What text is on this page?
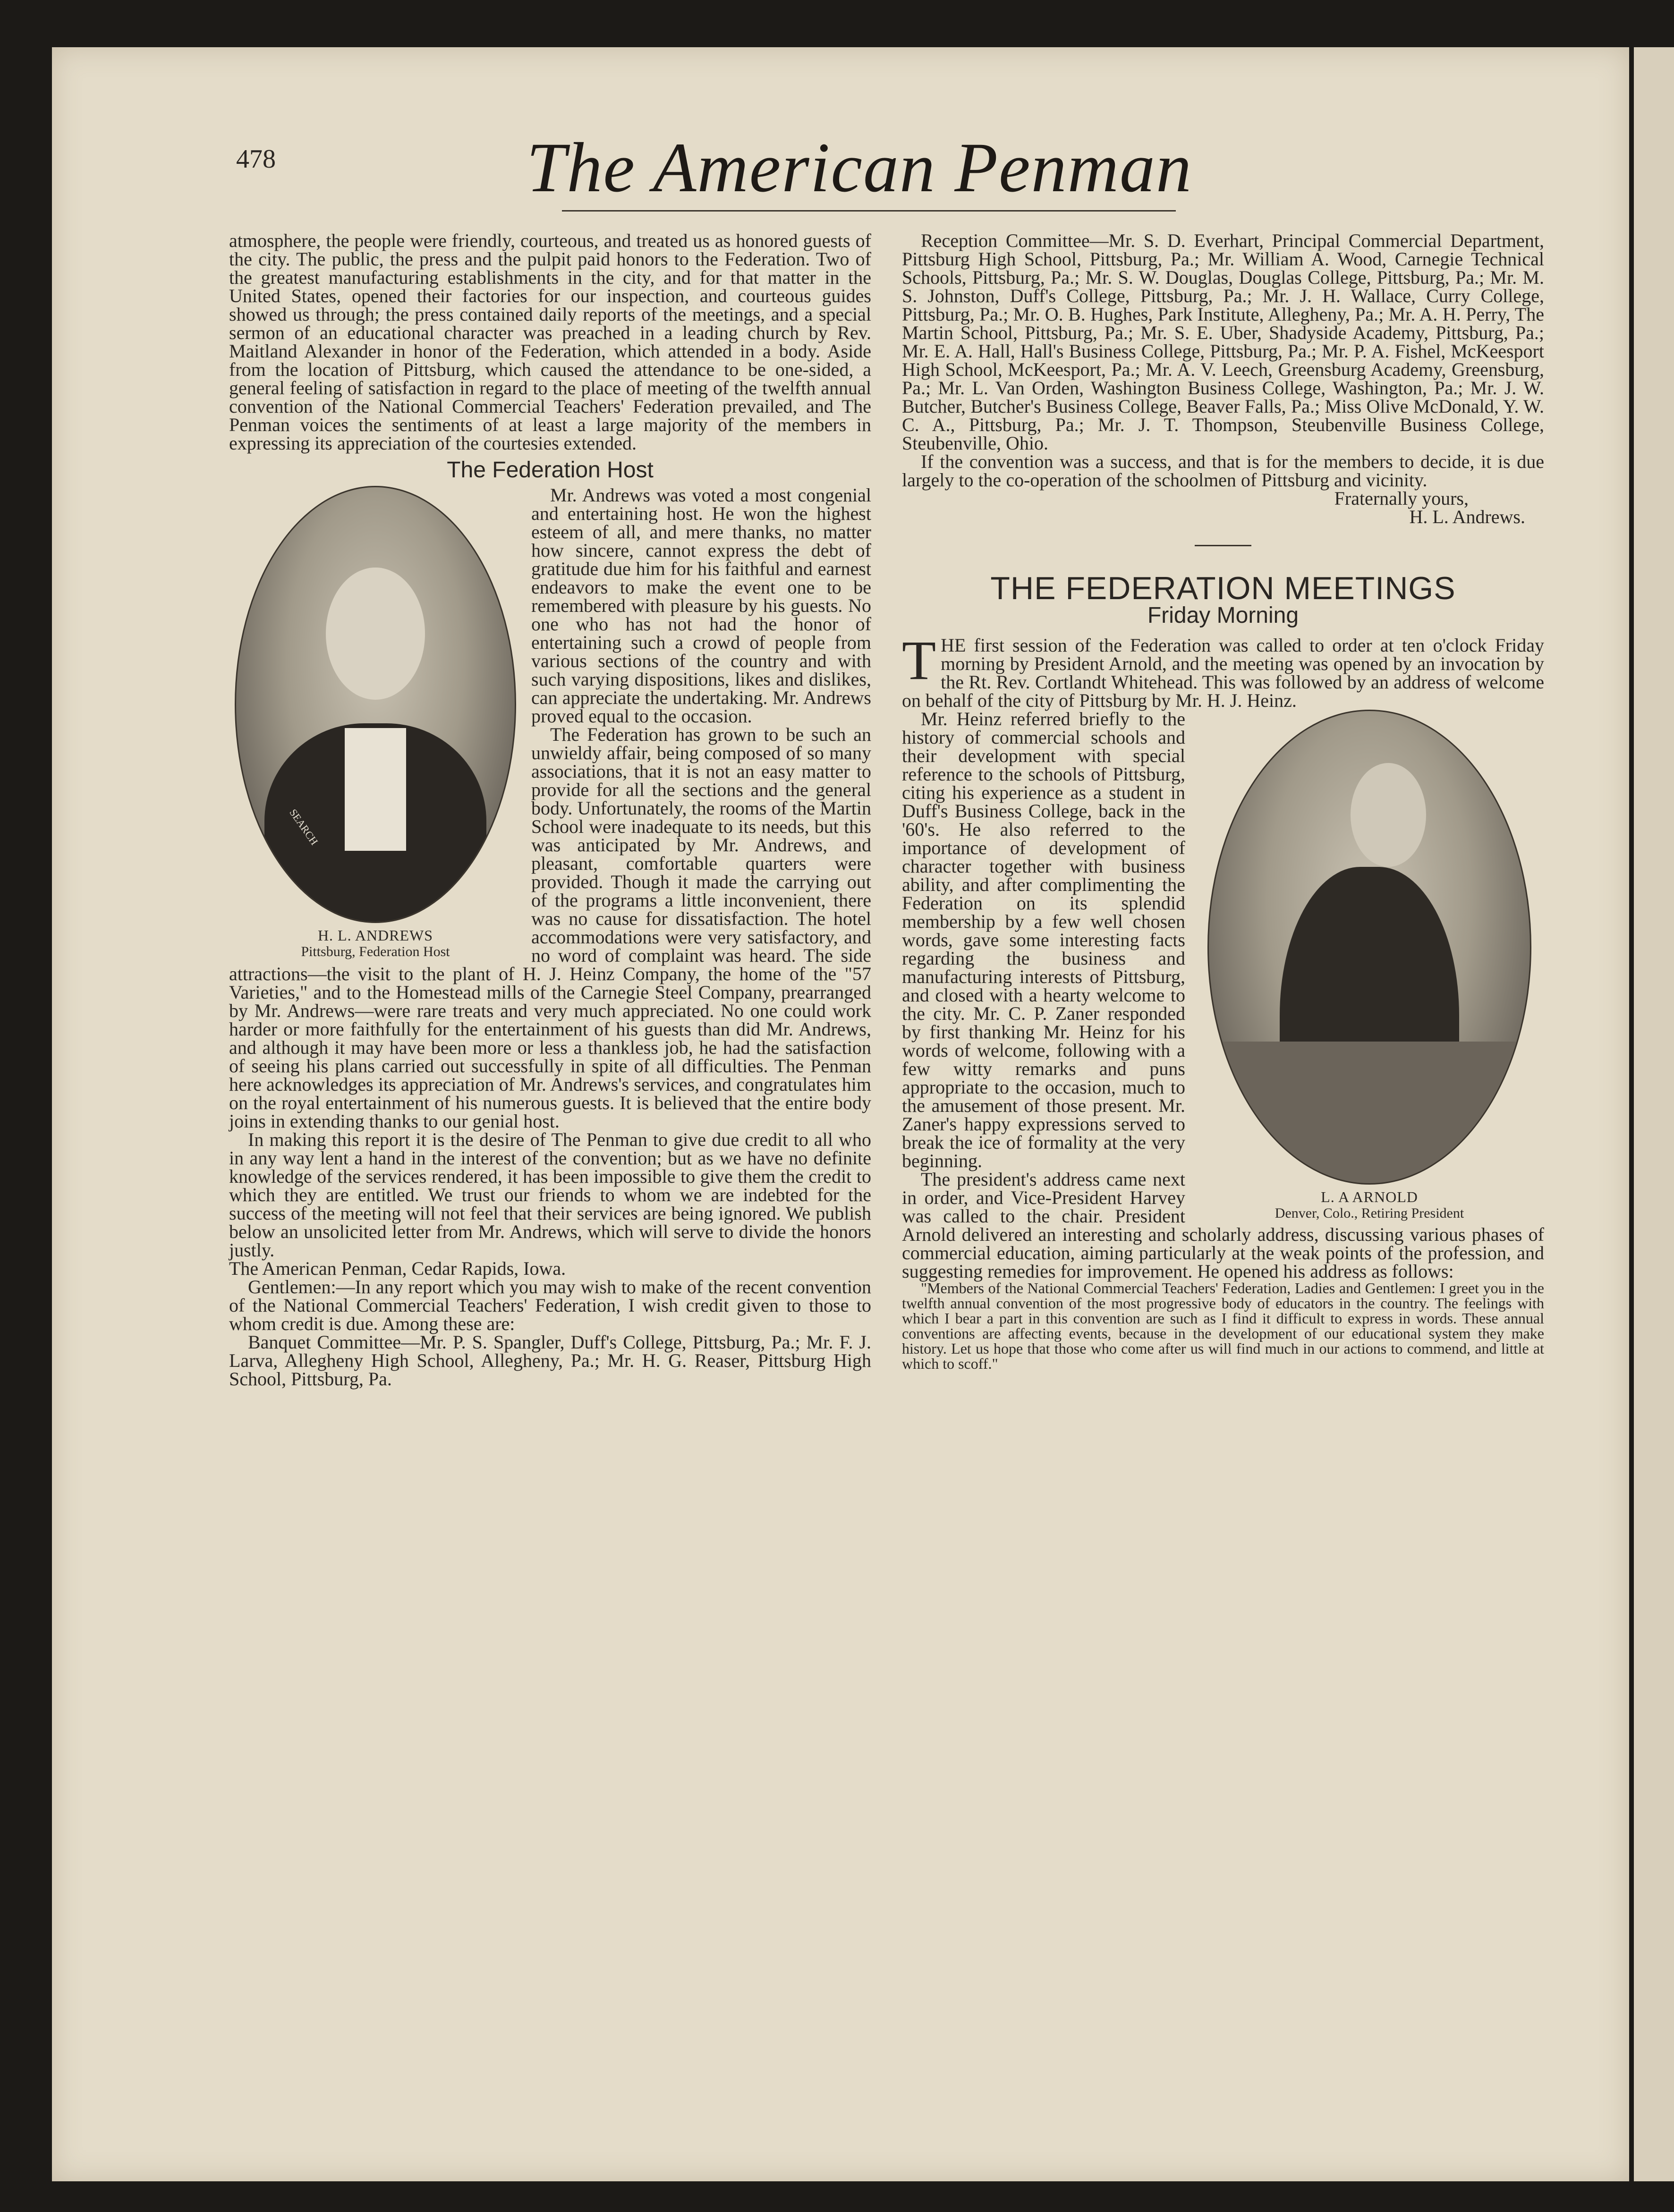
478	The American Penman

atmosphere, the people were friendly, courteous, and treated us as honored guests of the city. The public, the press and the pulpit paid honors to the Federation. Two of the greatest manufacturing establishments in the city, and for that matter in the United States, opened their factories for our inspection, and courteous guides showed us through; the press contained daily reports of the meetings, and a special sermon of an educational character was preached in a leading church by Rev. Maitland Alexander in honor of the Federation, which attended in a body. Aside from the location of Pittsburg, which caused the attendance to be one-sided, a general feeling of satisfaction in regard to the place of meeting of the twelfth annual convention of the National Commercial Teachers' Federation prevailed, and The Penman voices the sentiments of at least a large majority of the members in expressing its appreciation of the courtesies extended.

The Federation Host
SEARCH
H. L. ANDREWS
Pittsburg, Federation Host

Mr. Andrews was voted a most congenial and entertaining host. He won the highest esteem of all, and mere thanks, no matter how sincere, cannot express the debt of gratitude due him for his faithful and earnest endeavors to make the event one to be remembered with pleasure by his guests. No one who has not had the honor of entertaining such a crowd of people from various sections of the country and with such varying dispositions, likes and dislikes, can appreciate the undertaking. Mr. Andrews proved equal to the occasion.

The Federation has grown to be such an unwieldy affair, being composed of so many associations, that it is not an easy matter to provide for all the sections and the general body. Unfortunately, the rooms of the Martin School were inadequate to its needs, but this was anticipated by Mr. Andrews, and pleasant, comfortable quarters were provided. Though it made the carrying out of the programs a little inconvenient, there was no cause for dissatisfaction. The hotel accommodations were very satisfactory, and no word of complaint was heard. The side attractions—the visit to the plant of H. J. Heinz Company, the home of the "57 Varieties," and to the Homestead mills of the Carnegie Steel Company, prearranged by Mr. Andrews—were rare treats and very much appreciated. No one could work harder or more faithfully for the entertainment of his guests than did Mr. Andrews, and although it may have been more or less a thankless job, he had the satisfaction of seeing his plans carried out successfully in spite of all difficulties. The Penman here acknowledges its appreciation of Mr. Andrews's services, and congratulates him on the royal entertainment of his numerous guests. It is believed that the entire body joins in extending thanks to our genial host.

In making this report it is the desire of The Penman to give due credit to all who in any way lent a hand in the interest of the convention; but as we have no definite knowledge of the services rendered, it has been impossible to give them the credit to which they are entitled. We trust our friends to whom we are indebted for the success of the meeting will not feel that their services are being ignored. We publish below an unsolicited letter from Mr. Andrews, which will serve to divide the honors justly.

The American Penman, Cedar Rapids, Iowa.

Gentlemen:—In any report which you may wish to make of the recent convention of the National Commercial Teachers' Federation, I wish credit given to those to whom credit is due. Among these are:

Banquet Committee—Mr. P. S. Spangler, Duff's College, Pittsburg, Pa.; Mr. F. J. Larva, Allegheny High School, Allegheny, Pa.; Mr. H. G. Reaser, Pittsburg High School, Pittsburg, Pa.

Reception Committee—Mr. S. D. Everhart, Principal Commercial Department, Pittsburg High School, Pittsburg, Pa.; Mr. William A. Wood, Carnegie Technical Schools, Pittsburg, Pa.; Mr. S. W. Douglas, Douglas College, Pittsburg, Pa.; Mr. M. S. Johnston, Duff's College, Pittsburg, Pa.; Mr. J. H. Wallace, Curry College, Pittsburg, Pa.; Mr. O. B. Hughes, Park Institute, Allegheny, Pa.; Mr. A. H. Perry, The Martin School, Pittsburg, Pa.; Mr. S. E. Uber, Shadyside Academy, Pittsburg, Pa.; Mr. E. A. Hall, Hall's Business College, Pittsburg, Pa.; Mr. P. A. Fishel, McKeesport High School, McKeesport, Pa.; Mr. A. V. Leech, Greensburg Academy, Greensburg, Pa.; Mr. L. Van Orden, Washington Business College, Washington, Pa.; Mr. J. W. Butcher, Butcher's Business College, Beaver Falls, Pa.; Miss Olive McDonald, Y. W. C. A., Pittsburg, Pa.; Mr. J. T. Thompson, Steubenville Business College, Steubenville, Ohio.

If the convention was a success, and that is for the members to decide, it is due largely to the co-operation of the schoolmen of Pittsburg and vicinity.

Fraternally yours,

H. L. Andrews.

THE FEDERATION MEETINGS
Friday Morning

THE first session of the Federation was called to order at ten o'clock Friday morning by President Arnold, and the meeting was opened by an invocation by the Rt. Rev. Cortlandt Whitehead. This was followed by an address of welcome on behalf of the city of Pittsburg by Mr. H. J. Heinz.

L. A ARNOLD
Denver, Colo., Retiring President

Mr. Heinz referred briefly to the history of commercial schools and their development with special reference to the schools of Pittsburg, citing his experience as a student in Duff's Business College, back in the '60's. He also referred to the importance of development of character together with business ability, and after complimenting the Federation on its splendid membership by a few well chosen words, gave some interesting facts regarding the business and manufacturing interests of Pittsburg, and closed with a hearty welcome to the city. Mr. C. P. Zaner responded by first thanking Mr. Heinz for his words of welcome, following with a few witty remarks and puns appropriate to the occasion, much to the amusement of those present. Mr. Zaner's happy expressions served to break the ice of formality at the very beginning.

The president's address came next in order, and Vice-President Harvey was called to the chair. President Arnold delivered an interesting and scholarly address, discussing various phases of commercial education, aiming particularly at the weak points of the profession, and suggesting remedies for improvement. He opened his address as follows:

"Members of the National Commercial Teachers' Federation, Ladies and Gentlemen: I greet you in the twelfth annual convention of the most progressive body of educators in the country. The feelings with which I bear a part in this convention are such as I find it difficult to express in words. These annual conventions are affecting events, because in the development of our educational system they make history. Let us hope that those who come after us will find much in our actions to commend, and little at which to scoff."
